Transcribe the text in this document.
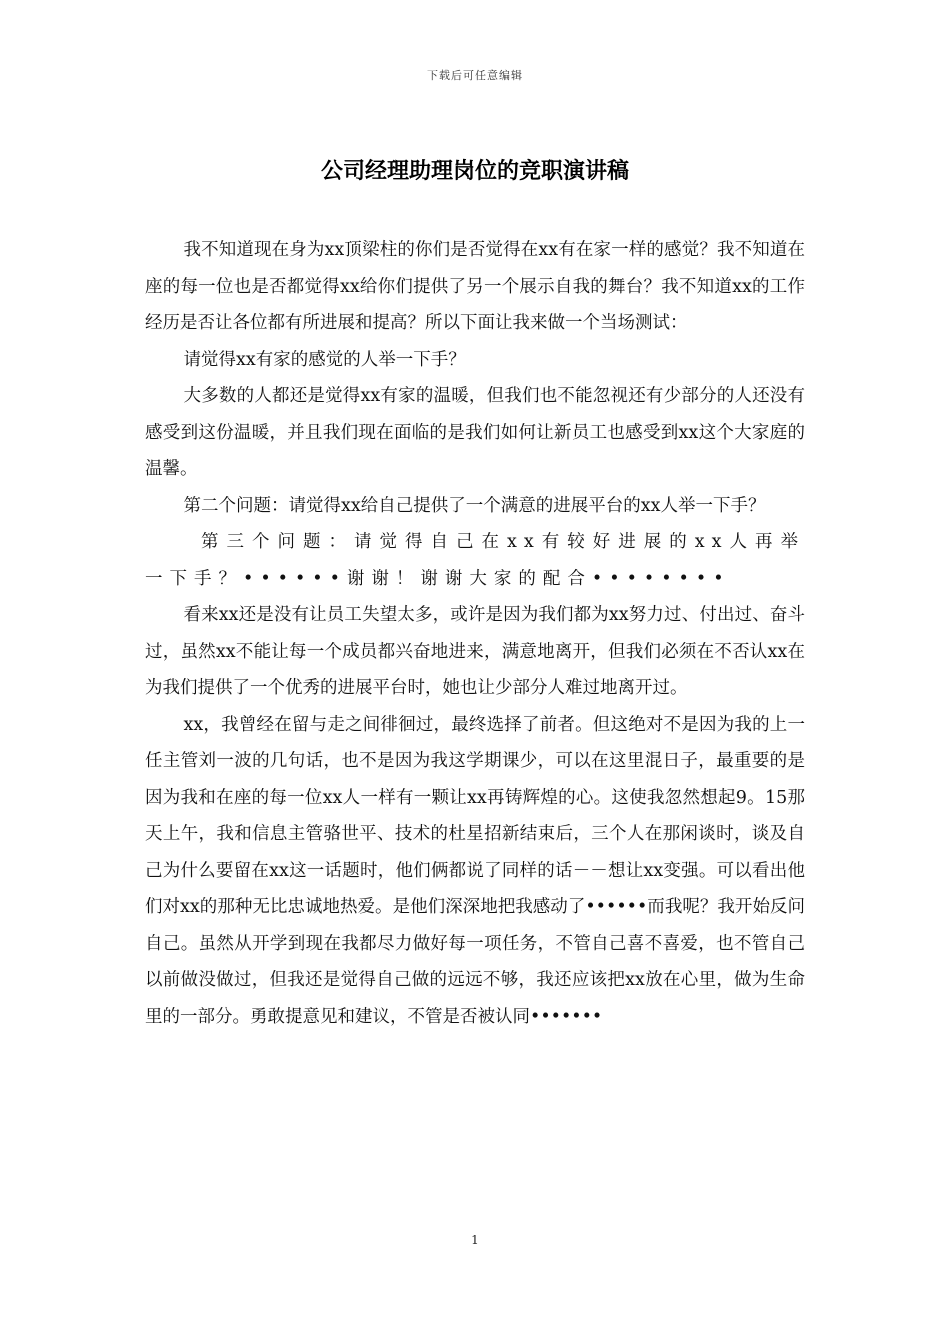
下载后可任意编辑
公司经理助理岗位的竞职演讲稿

我不知道现在身为xx顶梁柱的你们是否觉得在xx有在家一样的感觉？我不知道在座的每一位也是否都觉得xx给你们提供了另一个展示自我的舞台？我不知道xx的工作经历是否让各位都有所进展和提高？所以下面让我来做一个当场测试：

请觉得xx有家的感觉的人举一下手？

大多数的人都还是觉得xx有家的温暖，但我们也不能忽视还有少部分的人还没有感受到这份温暖，并且我们现在面临的是我们如何让新员工也感受到xx这个大家庭的温馨。

第二个问题：请觉得xx给自己提供了一个满意的进展平台的xx人举一下手？

第三个问题：请觉得自己在xx有较好进展的xx人再举一下手？••••••谢谢！谢谢大家的配合••••••••

看来xx还是没有让员工失望太多，或许是因为我们都为xx努力过、付出过、奋斗过，虽然xx不能让每一个成员都兴奋地进来，满意地离开，但我们必须在不否认xx在为我们提供了一个优秀的进展平台时，她也让少部分人难过地离开过。

xx，我曾经在留与走之间徘徊过，最终选择了前者。但这绝对不是因为我的上一任主管刘一波的几句话，也不是因为我这学期课少，可以在这里混日子，最重要的是因为我和在座的每一位xx人一样有一颗让xx再铸辉煌的心。这使我忽然想起9。15那天上午，我和信息主管骆世平、技术的杜星招新结束后，三个人在那闲谈时，谈及自己为什么要留在xx这一话题时，他们俩都说了同样的话－－想让xx变强。可以看出他们对xx的那种无比忠诚地热爱。是他们深深地把我感动了••••••而我呢？我开始反问自己。虽然从开学到现在我都尽力做好每一项任务，不管自己喜不喜爱，也不管自己以前做没做过，但我还是觉得自己做的远远不够，我还应该把xx放在心里，做为生命里的一部分。勇敢提意见和建议，不管是否被认同•••••••

1
